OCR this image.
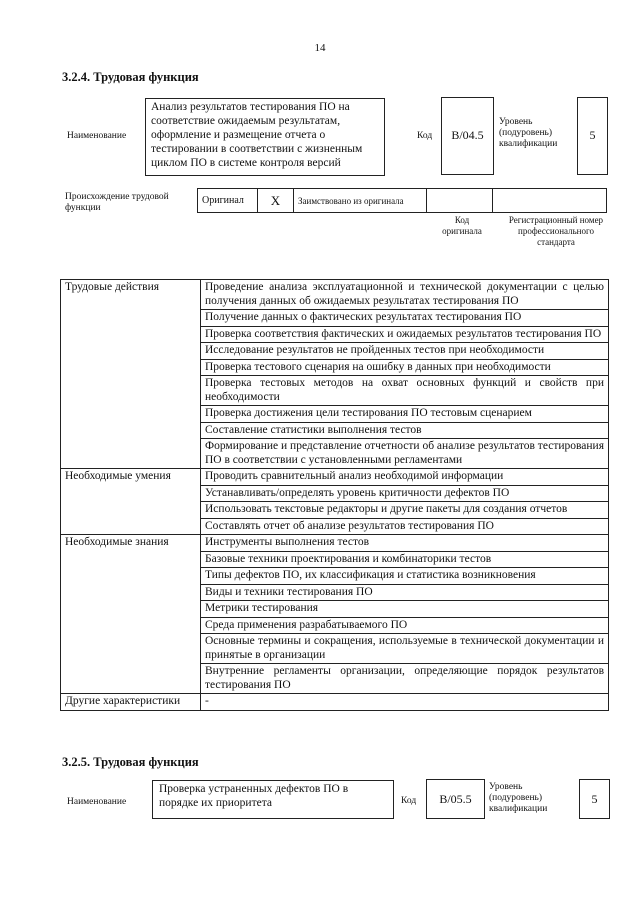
14
3.2.4. Трудовая функция
Наименование
Анализ результатов тестирования ПО на соответствие ожидаемым результатам, оформление и размещение отчета о тестировании в соответствии с жизненным циклом ПО в системе контроля версий
Код	B/04.5
Уровень (подуровень) квалификации
5
Происхождение трудовой функции
Оригинал	X	Заимствовано из оригинала		
Код оригинала
Регистрационный номер профессионального стандарта
Трудовые действия	Проведение анализа эксплуатационной и технической документации с целью получения данных об ожидаемых результатах тестирования ПО
	Получение данных о фактических результатах тестирования ПО
	Проверка соответствия фактических и ожидаемых результатов тестирования ПО
	Исследование результатов не пройденных тестов при необходимости
	Проверка тестового сценария на ошибку в данных при необходимости
	Проверка тестовых методов на охват основных функций и свойств при необходимости
	Проверка достижения цели тестирования ПО тестовым сценарием
	Составление статистики выполнения тестов
	Формирование и представление отчетности об анализе результатов тестирования ПО в соответствии с установленными регламентами
Необходимые умения	Проводить сравнительный анализ необходимой информации
	Устанавливать/определять уровень критичности дефектов ПО
	Использовать текстовые редакторы и другие пакеты для создания отчетов
	Составлять отчет об анализе результатов тестирования ПО
Необходимые знания	Инструменты выполнения тестов
	Базовые техники проектирования и комбинаторики тестов
	Типы дефектов ПО, их классификация и статистика возникновения
	Виды и техники тестирования ПО
	Метрики тестирования
	Среда применения разрабатываемого ПО
	Основные термины и сокращения, используемые в технической документации и принятые в организации
	Внутренние регламенты организации, определяющие порядок результатов тестирования ПО
Другие характеристики	-
3.2.5. Трудовая функция
Наименование
Проверка устраненных дефектов ПО в порядке их приоритета	Код	B/05.5
Уровень (подуровень) квалификации
5
